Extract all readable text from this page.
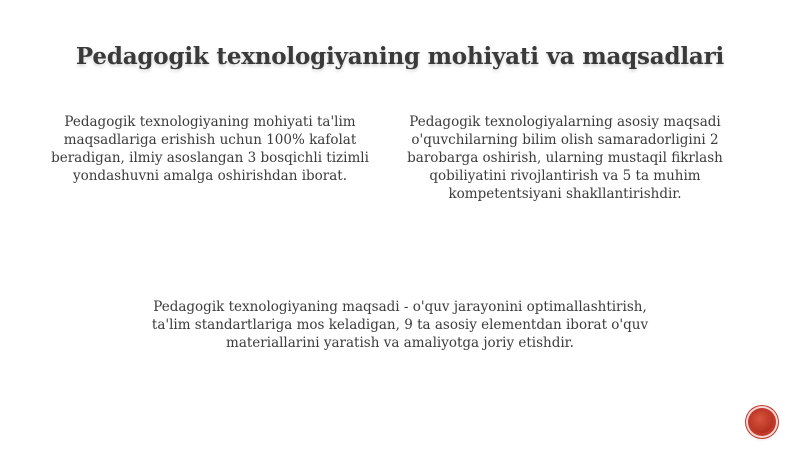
Pedagogik texnologiyaning mohiyati va maqsadlari
Pedagogik texnologiyaning mohiyati ta'lim maqsadlariga erishish uchun 100% kafolat beradigan, ilmiy asoslangan 3 bosqichli tizimli yondashuvni amalga oshirishdan iborat.
Pedagogik texnologiyalarning asosiy maqsadi o'quvchilarning bilim olish samaradorligini 2 barobarga oshirish, ularning mustaqil fikrlash qobiliyatini rivojlantirish va 5 ta muhim kompetentsiyani shakllantirishdir.
Pedagogik texnologiyaning maqsadi - o'quv jarayonini optimallashtirish, ta'lim standartlariga mos keladigan, 9 ta asosiy elementdan iborat o'quv materiallarini yaratish va amaliyotga joriy etishdir.
